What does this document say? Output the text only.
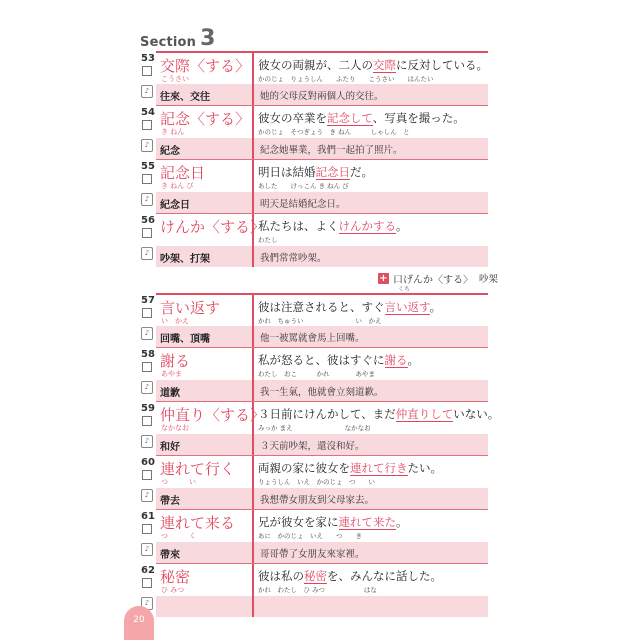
Section 3
53
♪
交際〈する〉
こうさい
彼女の両親が、二人の交際に反対している。
かのじょ　りょうしん　　ふたり　　こうさい　　はんたい
往來、交往	她的父母反對兩個人的交往。
54
♪
記念〈する〉
き ねん
彼女の卒業を記念して、写真を撮った。
かのじょ　そつぎょう　き ねん　　　しゃしん　と
紀念	紀念她畢業，我們一起拍了照片。
55
♪
記念日
き ねん び
明日は結婚記念日だ。
あした　　けっこん き ねん び
紀念日	明天是結婚紀念日。
56
♪
けんか〈する〉
私たちは、よくけんかする。
わたし
吵架、打架	我們常常吵架。
+ 口げんか〈する〉 吵架
くち
57
♪
言い返す
い　かえ
彼は注意されると、すぐ言い返す。
かれ　ちゅうい　　　　　　　　い　かえ
回嘴、頂嘴	他一被罵就會馬上回嘴。
58
♪
謝る
あやま
私が怒ると、彼はすぐに謝る。
わたし　おこ　　　かれ　　　　あやま
道歉	我一生氣，他就會立刻道歉。
59
♪
仲直り〈する〉
なかなお
３日前にけんかして、まだ仲直りしていない。
みっか まえ　　　　　　　　なかなお
和好	３天前吵架，還沒和好。
60
♪
連れて行く
つ　　　い
両親の家に彼女を連れて行きたい。
りょうしん　いえ　かのじょ　つ　　い
帶去	我想帶女朋友到父母家去。
61
♪
連れて来る
つ　　　く
兄が彼女を家に連れて来た。
あに　かのじょ　いえ　　つ　　き
帶來	哥哥帶了女朋友來家裡。
62
♪
秘密
ひ みつ
彼は私の秘密を、みんなに話した。
かれ　わたし　ひ みつ　　　　　　はな
20
